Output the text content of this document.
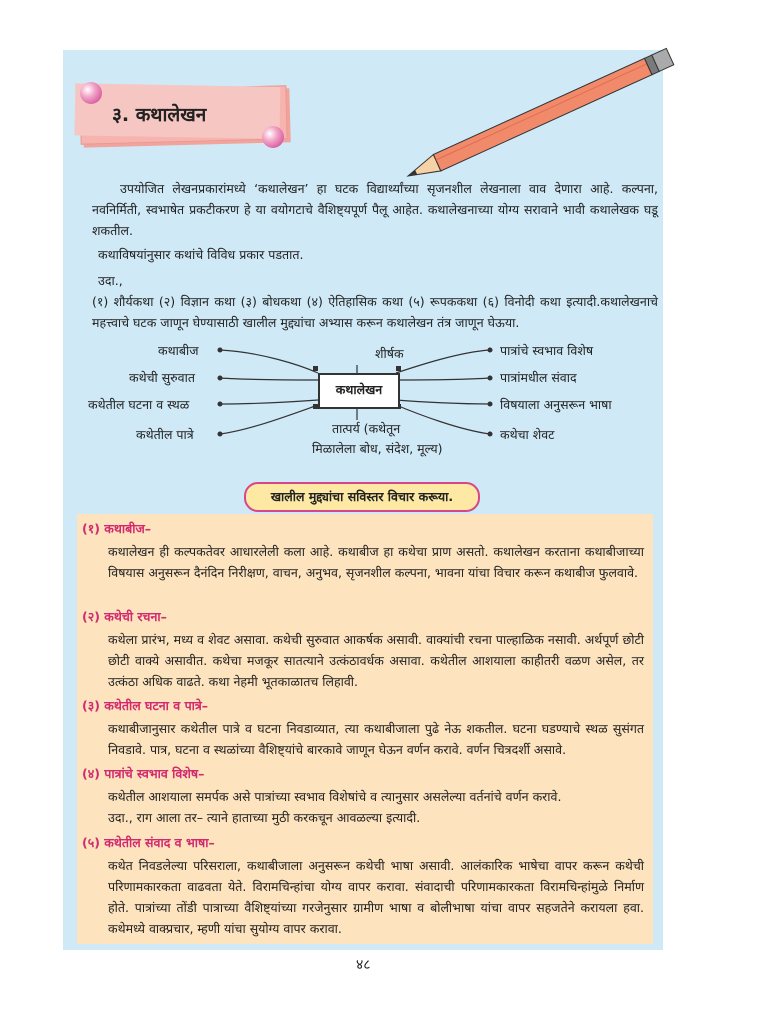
३. कथालेखन
उपयोजित लेखनप्रकारांमध्ये ‘कथालेखन’ हा घटक विद्यार्थ्यांच्या सृजनशील लेखनाला वाव देणारा आहे. कल्पना, नवनिर्मिती, स्वभाषेत प्रकटीकरण हे या वयोगटाचे वैशिष्ट्यपूर्ण पैलू आहेत. कथालेखनाच्या योग्य सरावाने भावी कथालेखक घडू शकतील.
कथाविषयांनुसार कथांचे विविध प्रकार पडतात.
उदा.,
(१) शौर्यकथा (२) विज्ञान कथा (३) बोधकथा (४) ऐतिहासिक कथा (५) रूपककथा (६) विनोदी कथा इत्यादी.कथालेखनाचे महत्त्वाचे घटक जाणून घेण्यासाठी खालील मुद्द्यांचा अभ्यास करून कथालेखन तंत्र जाणून घेऊया.
कथालेखन
कथाबीज
कथेची सुरुवात
कथेतील घटना व स्थळ
कथेतील पात्रे
शीर्षक
तात्पर्य (कथेतून
मिळालेला बोध, संदेश, मूल्य)
पात्रांचे स्वभाव विशेष
पात्रांमधील संवाद
विषयाला अनुसरून भाषा
कथेचा शेवट
खालील मुद्द्यांचा सविस्तर विचार करूया.
(१) कथाबीज–
कथालेखन ही कल्पकतेवर आधारलेली कला आहे. कथाबीज हा कथेचा प्राण असतो. कथालेखन करताना कथाबीजाच्या विषयास अनुसरून दैनंदिन निरीक्षण, वाचन, अनुभव, सृजनशील कल्पना, भावना यांचा विचार करून कथाबीज फुलवावे.
(२) कथेची रचना–
कथेला प्रारंभ, मध्य व शेवट असावा. कथेची सुरुवात आकर्षक असावी. वाक्यांची रचना पाल्हाळिक नसावी. अर्थपूर्ण छोटी छोटी वाक्ये असावीत. कथेचा मजकूर सातत्याने उत्कंठावर्धक असावा. कथेतील आशयाला काहीतरी वळण असेल, तर उत्कंठा अधिक वाढते. कथा नेहमी भूतकाळातच लिहावी.
(३) कथेतील घटना व पात्रे–
कथाबीजानुसार कथेतील पात्रे व घटना निवडाव्यात, त्या कथाबीजाला पुढे नेऊ शकतील. घटना घडण्याचे स्थळ सुसंगत निवडावे. पात्र, घटना व स्थळांच्या वैशिष्ट्यांचे बारकावे जाणून घेऊन वर्णन करावे. वर्णन चित्रदर्शी असावे.
(४) पात्रांचे स्वभाव विशेष–
कथेतील आशयाला समर्पक असे पात्रांच्या स्वभाव विशेषांचे व त्यानुसार असलेल्या वर्तनांचे वर्णन करावे.
उदा., राग आला तर– त्याने हाताच्या मुठी करकचून आवळल्या इत्यादी.
(५) कथेतील संवाद व भाषा–
कथेत निवडलेल्या परिसराला, कथाबीजाला अनुसरून कथेची भाषा असावी. आलंकारिक भाषेचा वापर करून कथेची परिणामकारकता वाढवता येते. विरामचिन्हांचा योग्य वापर करावा. संवादाची परिणामकारकता विरामचिन्हांमुळे निर्माण होते. पात्रांच्या तोंडी पात्राच्या वैशिष्ट्यांच्या गरजेनुसार ग्रामीण भाषा व बोलीभाषा यांचा वापर सहजतेने करायला हवा. कथेमध्ये वाक्प्रचार, म्हणी यांचा सुयोग्य वापर करावा.
४८
